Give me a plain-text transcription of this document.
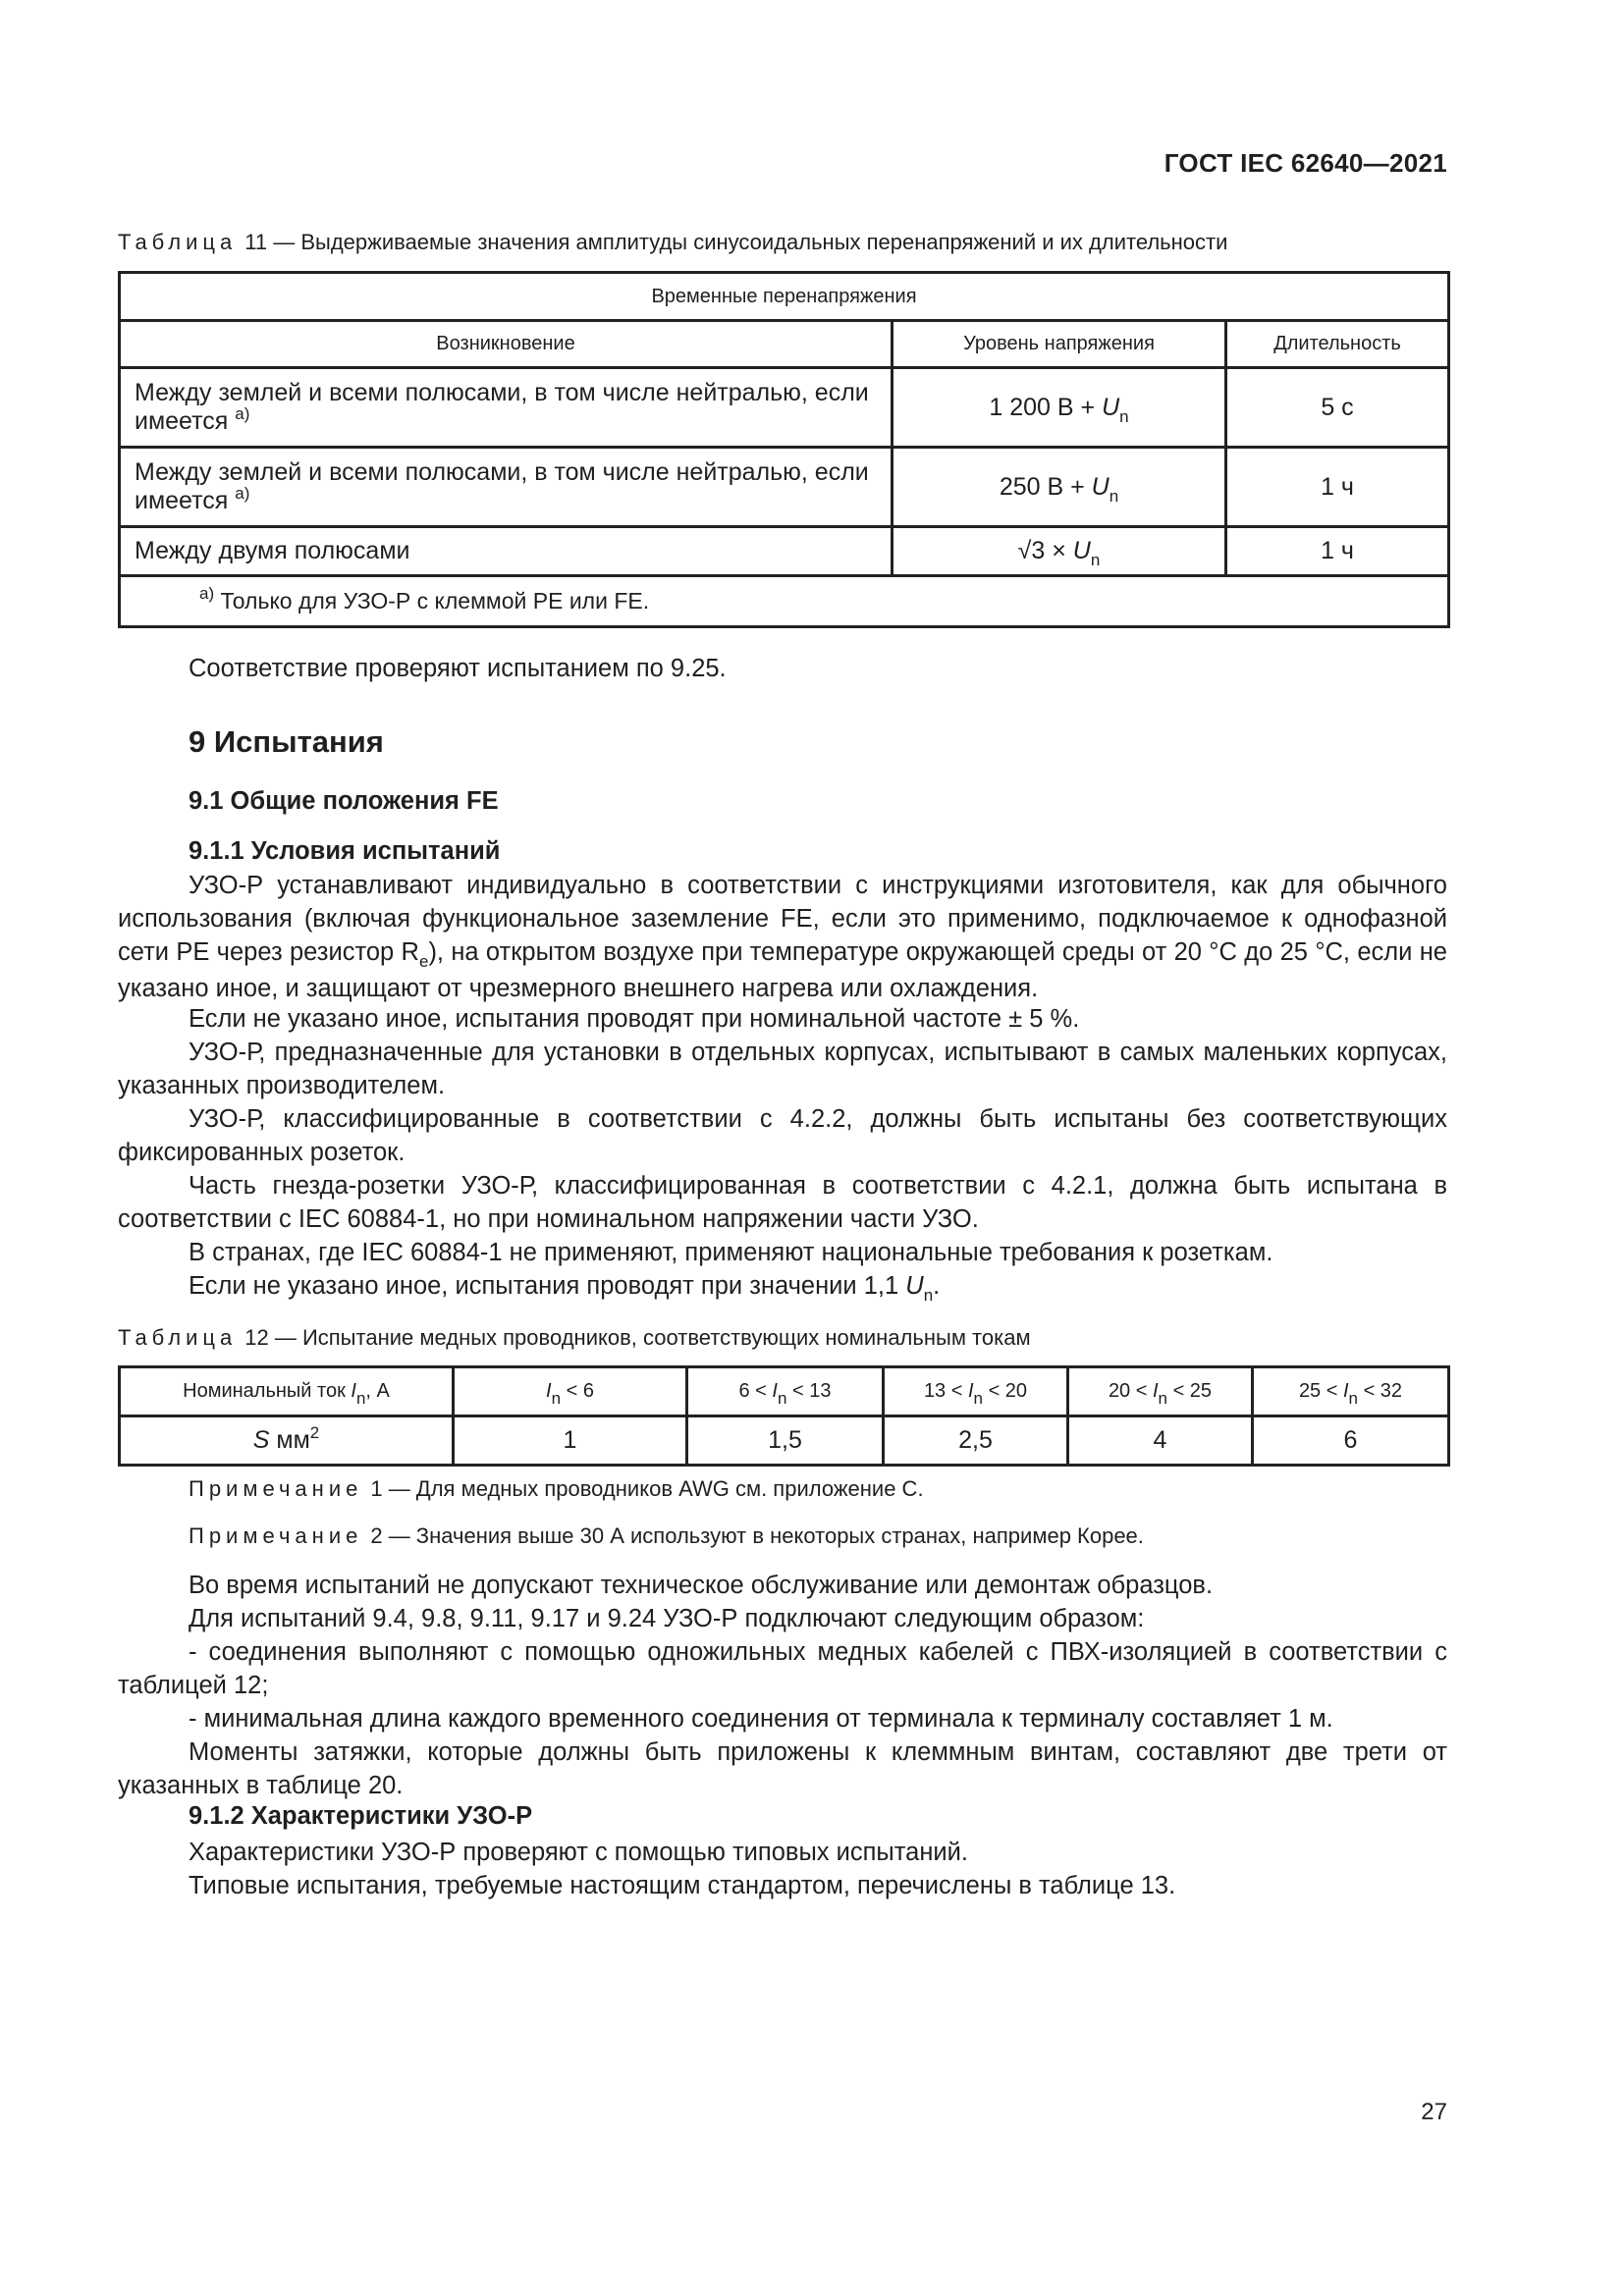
ГОСТ IEC 62640—2021
Таблица 11 — Выдерживаемые значения амплитуды синусоидальных перенапряжений и их длительности
Временные перенапряжения		
Возникновение	Уровень напряжения	Длительность
Между землей и всеми полюсами, в том числе нейтралью, если имеется $^{a)}$	1 200 $В + U_n$	5 с
Между землей и всеми полюсами, в том числе нейтралью, если имеется $^{a)}$	250 $В + U_n$	1 ч
Между двумя полюсами	$√3 \times U_n$	1 ч
$^{a)}$ Только для УЗО-Р с клеммой PE или FE.		
Соответствие проверяют испытанием по 9.25.
9 Испытания
9.1 Общие положения FE
9.1.1 Условия испытаний
УЗО-Р устанавливают индивидуально в соответствии с инструкциями изготовителя, как для обычного использования (включая функциональное заземление FE, если это применимо, подключаемое к однофазной сети PE через резистор $R_e$), на открытом воздухе при температуре окружающей среды от 20 °С до 25 °С, если не указано иное, и защищают от чрезмерного внешнего нагрева или охлаждения.
Если не указано иное, испытания проводят при номинальной частоте ± 5 %.
УЗО-Р, предназначенные для установки в отдельных корпусах, испытывают в самых маленьких корпусах, указанных производителем.
УЗО-Р, классифицированные в соответствии с 4.2.2, должны быть испытаны без соответствующих фиксированных розеток.
Часть гнезда-розетки УЗО-Р, классифицированная в соответствии с 4.2.1, должна быть испытана в соответствии с IEC 60884-1, но при номинальном напряжении части УЗО.
В странах, где IEC 60884-1 не применяют, применяют национальные требования к розеткам.
Если не указано иное, испытания проводят при значении 1,1 $U_n$.
Таблица 12 — Испытание медных проводников, соответствующих номинальным токам
Номинальный ток $I_n$, А	$I_n < 6$	$6 < I_n < 13$	$13 < I_n < 20$	$20 < I_n < 25$	$25 < I_n < 32$
S $мм^2$	1	1,5	2,5	4	6
Примечание 1 — Для медных проводников AWG см. приложение С.
Примечание 2 — Значения выше 30 А используют в некоторых странах, например Корее.
Во время испытаний не допускают техническое обслуживание или демонтаж образцов.
Для испытаний 9.4, 9.8, 9.11, 9.17 и 9.24 УЗО-Р подключают следующим образом:
- соединения выполняют с помощью одножильных медных кабелей с ПВХ-изоляцией в соответствии с таблицей 12;
- минимальная длина каждого временного соединения от терминала к терминалу составляет 1 м.
Моменты затяжки, которые должны быть приложены к клеммным винтам, составляют две трети от указанных в таблице 20.
9.1.2 Характеристики УЗО-Р
Характеристики УЗО-Р проверяют с помощью типовых испытаний.
Типовые испытания, требуемые настоящим стандартом, перечислены в таблице 13.
27
